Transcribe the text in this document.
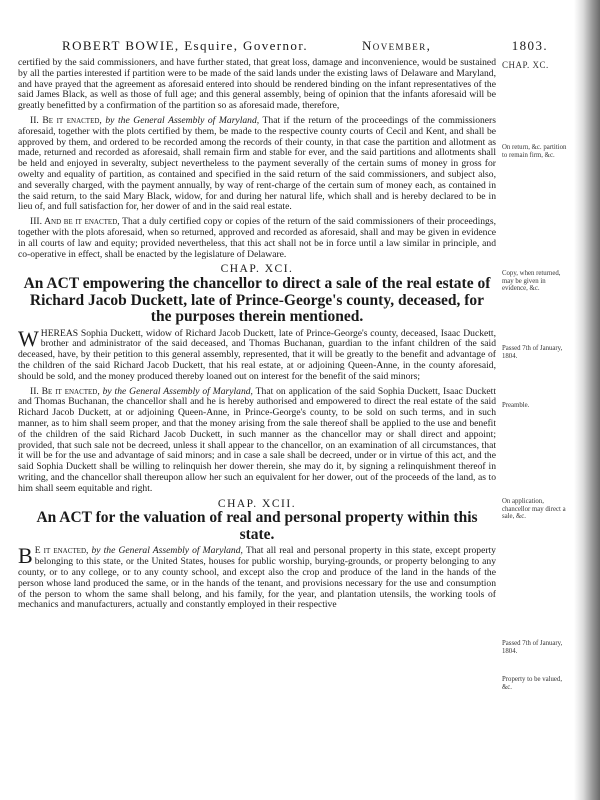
ROBERT BOWIE, Esquire, Governor.	November,	1803.

certified by the said commissioners, and have further stated, that great loss, damage and inconvenience, would be sustained by all the parties interested if partition were to be made of the said lands under the existing laws of Delaware and Maryland, and have prayed that the agreement as aforesaid entered into should be rendered binding on the infant representatives of the said James Black, as well as those of full age; and this general assembly, being of opinion that the infants aforesaid will be greatly benefitted by a confirmation of the partition so as aforesaid made, therefore,

II. Be it enacted, by the General Assembly of Maryland, That if the return of the proceedings of the commissioners aforesaid, together with the plots certified by them, be made to the respective county courts of Cecil and Kent, and shall be approved by them, and ordered to be recorded among the records of their county, in that case the partition and allotment as made, returned and recorded as aforesaid, shall remain firm and stable for ever, and the said partitions and allotments shall be held and enjoyed in severalty, subject nevertheless to the payment severally of the certain sums of money in gross for owelty and equality of partition, as contained and specified in the said return of the said commissioners, and subject also, and severally charged, with the payment annually, by way of rent-charge of the certain sum of money each, as contained in the said return, to the said Mary Black, widow, for and during her natural life, which shall and is hereby declared to be in lieu of, and full satisfaction for, her dower of and in the said real estate.

III. And be it enacted, That a duly certified copy or copies of the return of the said commissioners of their proceedings, together with the plots aforesaid, when so returned, approved and recorded as aforesaid, shall and may be given in evidence in all courts of law and equity; provided nevertheless, that this act shall not be in force until a law similar in principle, and co-operative in effect, shall be enacted by the legislature of Delaware.

CHAP. XCI.
An ACT empowering the chancellor to direct a sale of the real estate of Richard Jacob Duckett, late of Prince-George's county, deceased, for the purposes therein mentioned.

WHEREAS Sophia Duckett, widow of Richard Jacob Duckett, late of Prince-George's county, deceased, Isaac Duckett, brother and administrator of the said deceased, and Thomas Buchanan, guardian to the infant children of the said deceased, have, by their petition to this general assembly, represented, that it will be greatly to the benefit and advantage of the children of the said Richard Jacob Duckett, that his real estate, at or adjoining Queen-Anne, in the county aforesaid, should be sold, and the money produced thereby loaned out on interest for the benefit of the said minors;

II. Be it enacted, by the General Assembly of Maryland, That on application of the said Sophia Duckett, Isaac Duckett and Thomas Buchanan, the chancellor shall and he is hereby authorised and empowered to direct the real estate of the said Richard Jacob Duckett, at or adjoining Queen-Anne, in Prince-George's county, to be sold on such terms, and in such manner, as to him shall seem proper, and that the money arising from the sale thereof shall be applied to the use and benefit of the children of the said Richard Jacob Duckett, in such manner as the chancellor may or shall direct and appoint; provided, that such sale not be decreed, unless it shall appear to the chancellor, on an examination of all circumstances, that it will be for the use and advantage of said minors; and in case a sale shall be decreed, under or in virtue of this act, and the said Sophia Duckett shall be willing to relinquish her dower therein, she may do it, by signing a relinquishment thereof in writing, and the chancellor shall thereupon allow her such an equivalent for her dower, out of the proceeds of the land, as to him shall seem equitable and right.

CHAP. XCII.
An ACT for the valuation of real and personal property within this state.

B E it enacted, by the General Assembly of Maryland, That all real and personal property in this state, except property belonging to this state, or the United States, houses for public worship, burying-grounds, or property belonging to any county, or to any college, or to any county school, and except also the crop and produce of the land in the hands of the person whose land produced the same, or in the hands of the tenant, and provisions necessary for the use and consumption of the person to whom the same shall belong, and his family, for the year, and plantation utensils, the working tools of mechanics and manufacturers, actually and constantly employed in their respective

CHAP. XC.
On return, &c. partition to remain firm, &c.
Copy, when returned, may be given in evidence, &c.
Passed 7th of January, 1804.
Preamble.
On application, chancellor may direct a sale, &c.
Passed 7th of January, 1804.
Property to be valued, &c.
